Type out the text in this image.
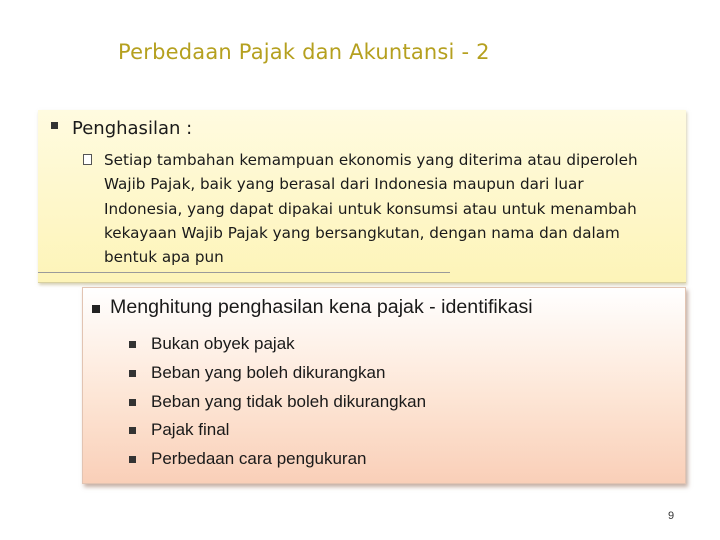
Perbedaan Pajak dan Akuntansi - 2
Penghasilan :
Setiap tambahan kemampuan ekonomis yang diterima atau diperoleh
Wajib Pajak, baik yang berasal dari Indonesia maupun dari luar
Indonesia, yang dapat dipakai untuk konsumsi atau untuk menambah
kekayaan Wajib Pajak yang bersangkutan, dengan nama dan dalam
bentuk apa pun
Menghitung penghasilan kena pajak - identifikasi
Bukan obyek pajak
Beban yang boleh dikurangkan
Beban yang tidak boleh dikurangkan
Pajak final
Perbedaan cara pengukuran
9
